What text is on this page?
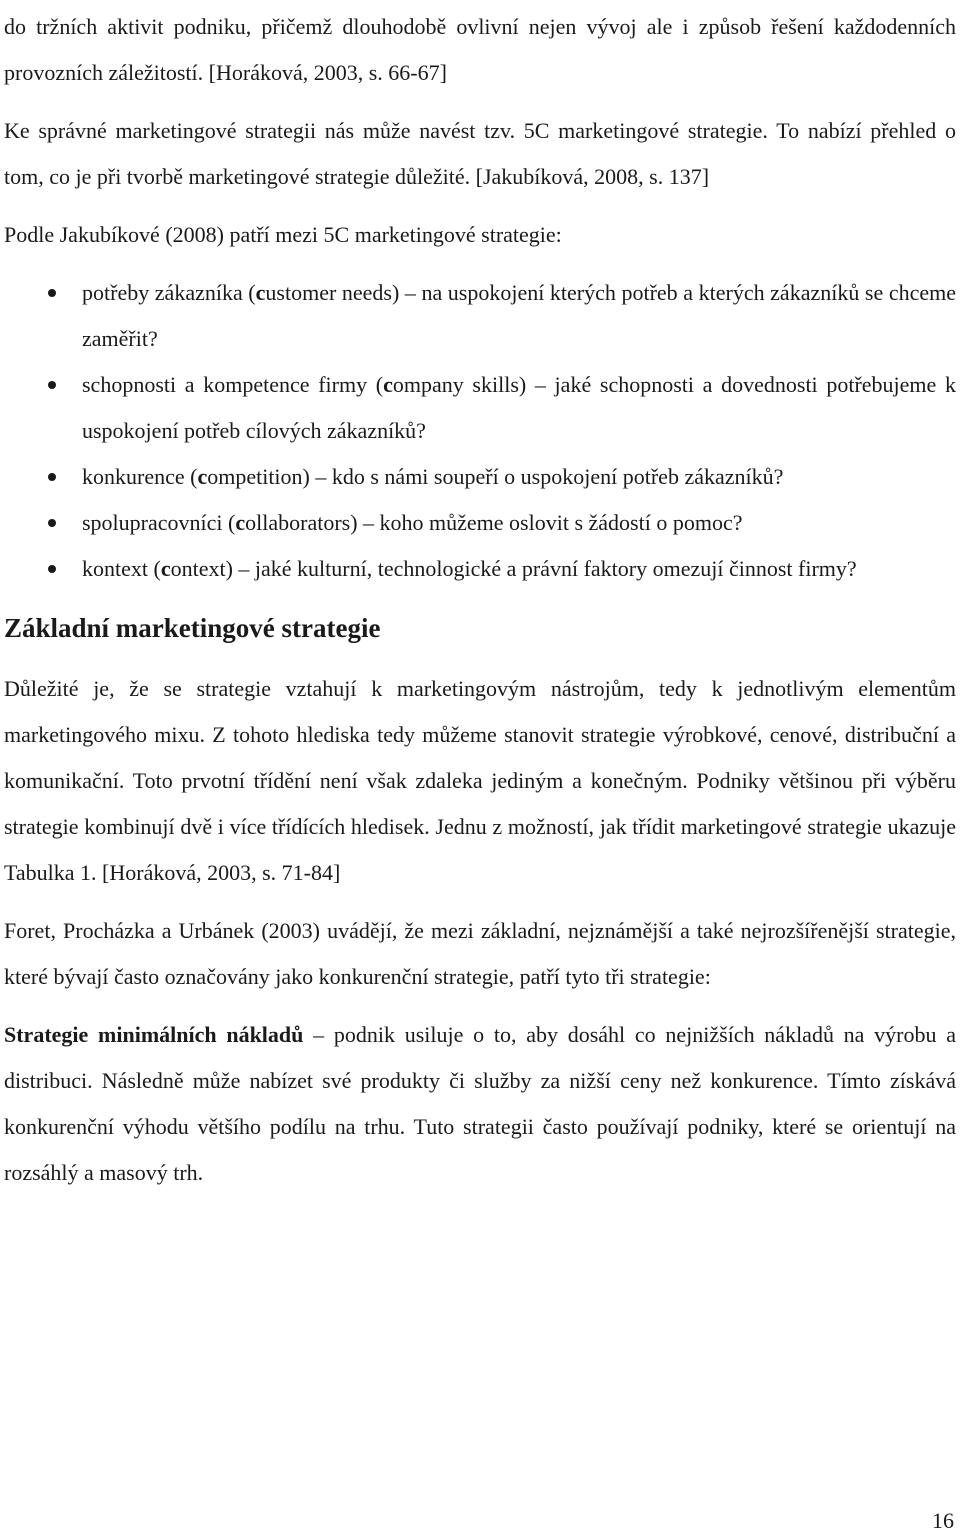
do tržních aktivit podniku, přičemž dlouhodobě ovlivní nejen vývoj ale i způsob řešení každodenních provozních záležitostí. [Horáková, 2003, s. 66-67]

Ke správné marketingové strategii nás může navést tzv. 5C marketingové strategie. To nabízí přehled o tom, co je při tvorbě marketingové strategie důležité. [Jakubíková, 2008, s. 137]

Podle Jakubíkové (2008) patří mezi 5C marketingové strategie:

potřeby zákazníka (customer needs) – na uspokojení kterých potřeb a kterých zákazníků se chceme zaměřit?
schopnosti a kompetence firmy (company skills) – jaké schopnosti a dovednosti potřebujeme k uspokojení potřeb cílových zákazníků?
konkurence (competition) – kdo s námi soupeří o uspokojení potřeb zákazníků?
spolupracovníci (collaborators) – koho můžeme oslovit s žádostí o pomoc?
kontext (context) – jaké kulturní, technologické a právní faktory omezují činnost firmy?
Základní marketingové strategie

Důležité je, že se strategie vztahují k marketingovým nástrojům, tedy k jednotlivým elementům marketingového mixu. Z tohoto hlediska tedy můžeme stanovit strategie výrobkové, cenové, distribuční a komunikační. Toto prvotní třídění není však zdaleka jediným a konečným. Podniky většinou při výběru strategie kombinují dvě i více třídících hledisek. Jednu z možností, jak třídit marketingové strategie ukazuje Tabulka 1. [Horáková, 2003, s. 71-84]

Foret, Procházka a Urbánek (2003) uvádějí, že mezi základní, nejznámější a také nejrozšířenější strategie, které bývají často označovány jako konkurenční strategie, patří tyto tři strategie:

Strategie minimálních nákladů – podnik usiluje o to, aby dosáhl co nejnižších nákladů na výrobu a distribuci. Následně může nabízet své produkty či služby za nižší ceny než konkurence. Tímto získává konkurenční výhodu většího podílu na trhu. Tuto strategii často používají podniky, které se orientují na rozsáhlý a masový trh.

16
